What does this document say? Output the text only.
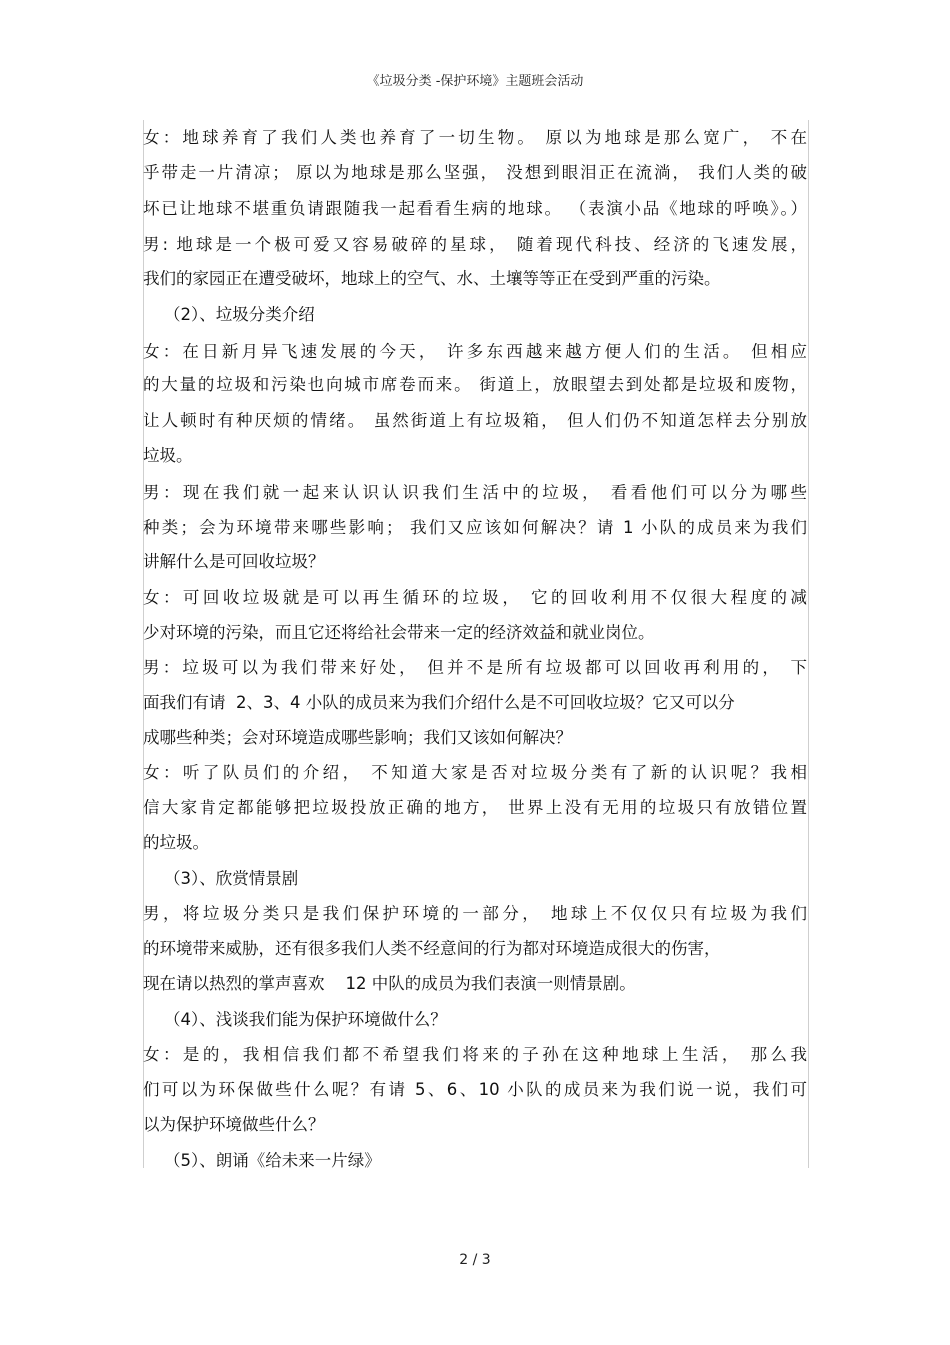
《垃圾分类 -保护环境》主题班会活动
女：地球养育了我们人类也养育了一切生物。 原以为地球是那么宽广， 不在
乎带走一片清凉； 原以为地球是那么坚强， 没想到眼泪正在流淌， 我们人类的破
坏已让地球不堪重负请跟随我一起看看生病的地球。 （表演小品《地球的呼唤》。）
男: 地球是一个极可爱又容易破碎的星球， 随着现代科技、经济的飞速发展，
我们的家园正在遭受破坏，地球上的空气、水、土壤等等正在受到严重的污染。
（2）、垃圾分类介绍
女：在日新月异飞速发展的今天， 许多东西越来越方便人们的生活。 但相应
的大量的垃圾和污染也向城市席卷而来。 街道上，放眼望去到处都是垃圾和废物，
让人顿时有种厌烦的情绪。 虽然街道上有垃圾箱， 但人们仍不知道怎样去分别放
垃圾。
男：现在我们就一起来认识认识我们生活中的垃圾， 看看他们可以分为哪些
种类；会为环境带来哪些影响； 我们又应该如何解决？请 1 小队的成员来为我们
讲解什么是可回收垃圾？
女：可回收垃圾就是可以再生循环的垃圾， 它的回收利用不仅很大程度的减
少对环境的污染，而且它还将给社会带来一定的经济效益和就业岗位。
男：垃圾可以为我们带来好处， 但并不是所有垃圾都可以回收再利用的， 下
面我们有请  2、3、4 小队的成员来为我们介绍什么是不可回收垃圾？它又可以分
成哪些种类；会对环境造成哪些影响；我们又该如何解决？
女：听了队员们的介绍， 不知道大家是否对垃圾分类有了新的认识呢？我相
信大家肯定都能够把垃圾投放正确的地方， 世界上没有无用的垃圾只有放错位置
的垃圾。
（3）、欣赏情景剧
男，将垃圾分类只是我们保护环境的一部分， 地球上不仅仅只有垃圾为我们
的环境带来威胁，还有很多我们人类不经意间的行为都对环境造成很大的伤害，
现在请以热烈的掌声喜欢    12 中队的成员为我们表演一则情景剧。
（4）、浅谈我们能为保护环境做什么？
女：是的，我相信我们都不希望我们将来的子孙在这种地球上生活， 那么我
们可以为环保做些什么呢？有请 5、6、10 小队的成员来为我们说一说，我们可
以为保护环境做些什么？
（5）、朗诵《给未来一片绿》
2 / 3
